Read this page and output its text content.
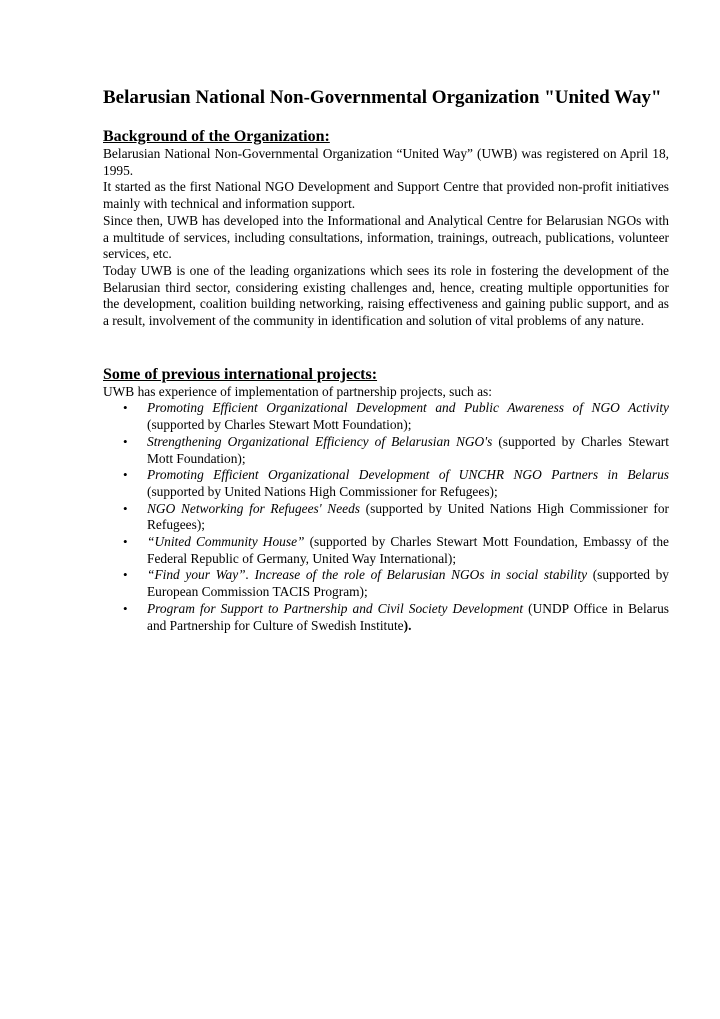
Belarusian National Non-Governmental Organization "United Way"
Background of the Organization:

Belarusian National Non-Governmental Organization “United Way” (UWB) was registered on April 18, 1995.

It started as the first National NGO Development and Support Centre that provided non-profit initiatives mainly with technical and information support.

Since then, UWB has developed into the Informational and Analytical Centre for Belarusian NGOs with a multitude of services, including consultations, information, trainings, outreach, publications, volunteer services, etc.

Today UWB is one of the leading organizations which sees its role in fostering the development of the Belarusian third sector, considering existing challenges and, hence, creating multiple opportunities for the development, coalition building networking, raising effectiveness and gaining public support, and as a result, involvement of the community in identification and solution of vital problems of any nature.

Some of previous international projects:

UWB has experience of implementation of partnership projects, such as:

• Promoting Efficient Organizational Development and Public Awareness of NGO Activity (supported by Charles Stewart Mott Foundation);
• Strengthening Organizational Efficiency of Belarusian NGO's (supported by Charles Stewart Mott Foundation);
• Promoting Efficient Organizational Development of UNCHR NGO Partners in Belarus (supported by United Nations High Commissioner for Refugees);
• NGO Networking for Refugees' Needs (supported by United Nations High Commissioner for Refugees);
• “United Community House” (supported by Charles Stewart Mott Foundation, Embassy of the Federal Republic of Germany, United Way International);
• “Find your Way”. Increase of the role of Belarusian NGOs in social stability (supported by European Commission TACIS Program);
• Program for Support to Partnership and Civil Society Development (UNDP Office in Belarus and Partnership for Culture of Swedish Institute).
